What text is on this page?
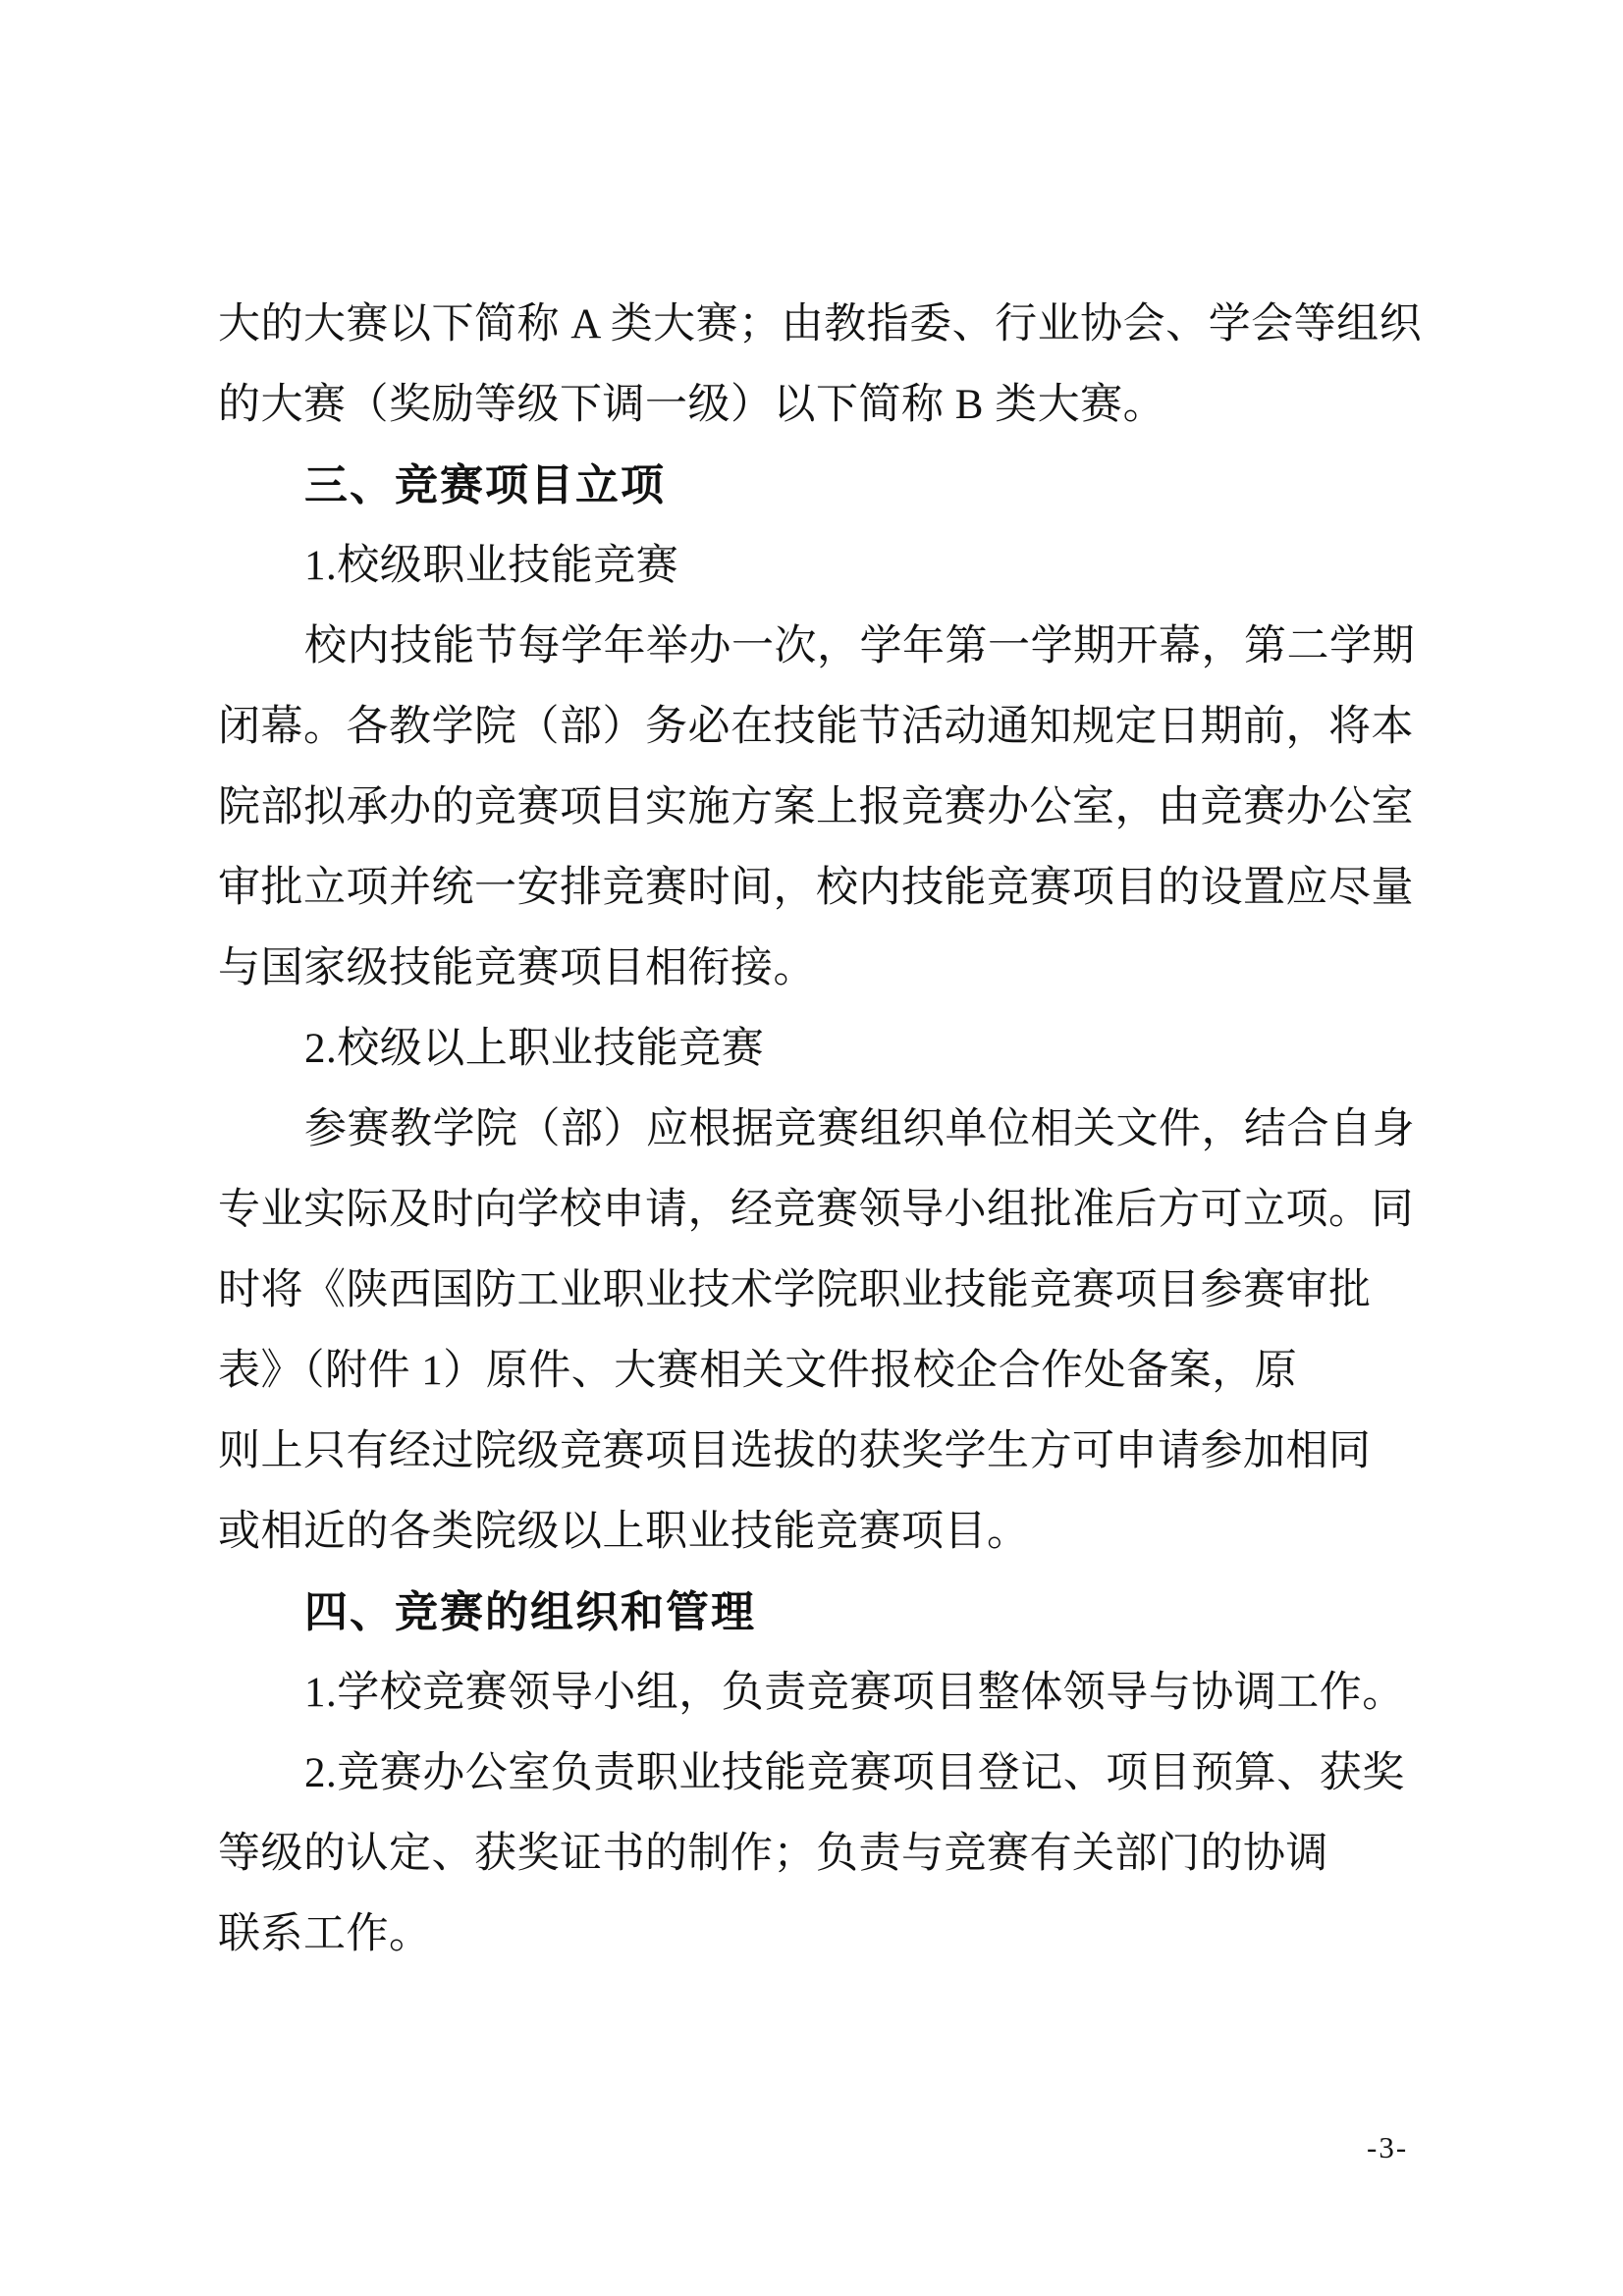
大的大赛以下简称 A 类大赛；由教指委、行业协会、学会等组织
的大赛（奖励等级下调一级）以下简称 B 类大赛。
三、竞赛项目立项
1.校级职业技能竞赛
校内技能节每学年举办一次，学年第一学期开幕，第二学期
闭幕。各教学院（部）务必在技能节活动通知规定日期前，将本
院部拟承办的竞赛项目实施方案上报竞赛办公室，由竞赛办公室
审批立项并统一安排竞赛时间，校内技能竞赛项目的设置应尽量
与国家级技能竞赛项目相衔接。
2.校级以上职业技能竞赛
参赛教学院（部）应根据竞赛组织单位相关文件，结合自身
专业实际及时向学校申请，经竞赛领导小组批准后方可立项。同
时将《陕西国防工业职业技术学院职业技能竞赛项目参赛审批
表》（附件 1）原件、大赛相关文件报校企合作处备案，原
则上只有经过院级竞赛项目选拔的获奖学生方可申请参加相同
或相近的各类院级以上职业技能竞赛项目。
四、竞赛的组织和管理
1.学校竞赛领导小组，负责竞赛项目整体领导与协调工作。
2.竞赛办公室负责职业技能竞赛项目登记、项目预算、获奖
等级的认定、获奖证书的制作；负责与竞赛有关部门的协调
联系工作。
-3-
